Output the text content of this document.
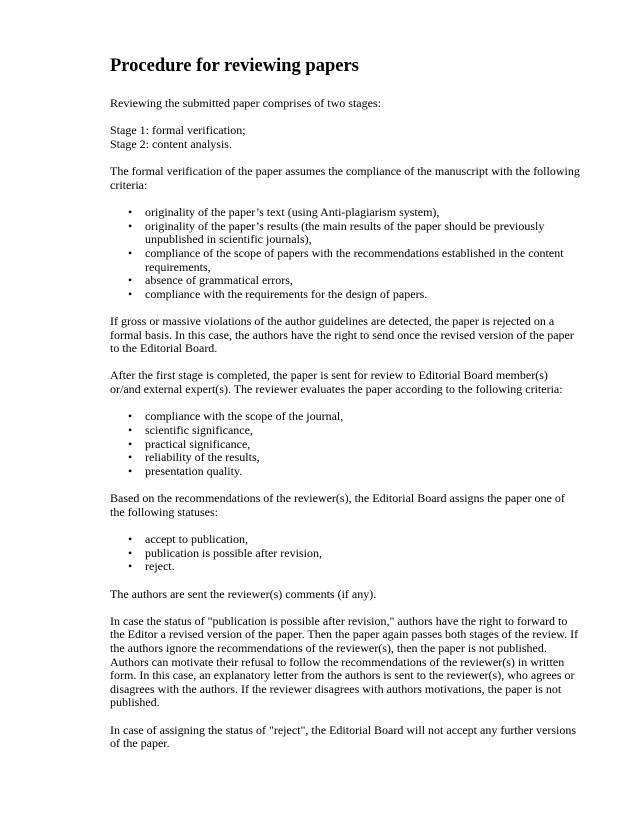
Procedure for reviewing papers

Reviewing the submitted paper comprises of two stages:

Stage 1: formal verification;
Stage 2: content analysis.

The formal verification of the paper assumes the compliance of the manuscript with the following criteria:

• originality of the paper’s text (using Anti-plagiarism system),
• originality of the paper’s results (the main results of the paper should be previously unpublished in scientific journals),
• compliance of the scope of papers with the recommendations established in the content requirements,
• absence of grammatical errors,
• compliance with the requirements for the design of papers.

If gross or massive violations of the author guidelines are detected, the paper is rejected on a formal basis. In this case, the authors have the right to send once the revised version of the paper to the Editorial Board.

After the first stage is completed, the paper is sent for review to Editorial Board member(s) or/and external expert(s). The reviewer evaluates the paper according to the following criteria:

• compliance with the scope of the journal,
• scientific significance,
• practical significance,
• reliability of the results,
• presentation quality.

Based on the recommendations of the reviewer(s), the Editorial Board assigns the paper one of the following statuses:

• accept to publication,
• publication is possible after revision,
• reject.

The authors are sent the reviewer(s) comments (if any).

In case the status of "publication is possible after revision," authors have the right to forward to the Editor a revised version of the paper. Then the paper again passes both stages of the review. If the authors ignore the recommendations of the reviewer(s), then the paper is not published. Authors can motivate their refusal to follow the recommendations of the reviewer(s) in written form. In this case, an explanatory letter from the authors is sent to the reviewer(s), who agrees or disagrees with the authors. If the reviewer disagrees with authors motivations, the paper is not published.

In case of assigning the status of "reject", the Editorial Board will not accept any further versions of the paper.
